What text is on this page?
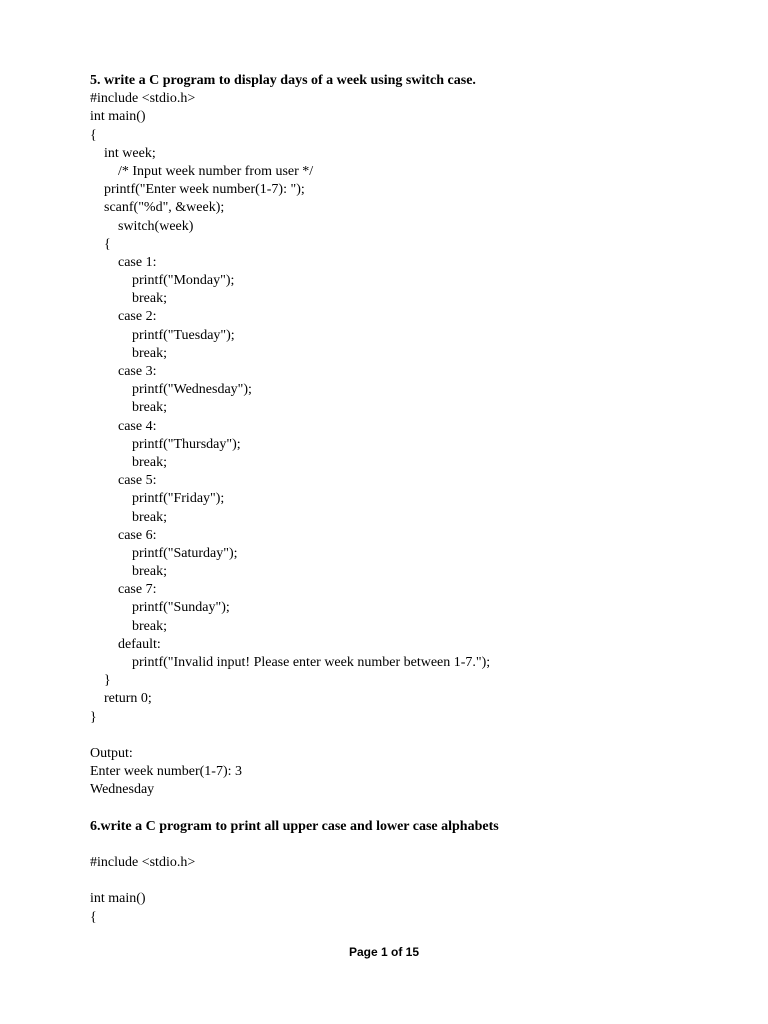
5. write a C program to display days of a week using switch case.
#include <stdio.h>
int main()
{
int week;
/* Input week number from user */
printf("Enter week number(1-7): ");
scanf("%d", &week);
switch(week)
{
case 1:
printf("Monday");
break;
case 2:
printf("Tuesday");
break;
case 3:
printf("Wednesday");
break;
case 4:
printf("Thursday");
break;
case 5:
printf("Friday");
break;
case 6:
printf("Saturday");
break;
case 7:
printf("Sunday");
break;
default:
printf("Invalid input! Please enter week number between 1-7.");
}
return 0;
}
Output:
Enter week number(1-7): 3
Wednesday
6.write a C program to print all upper case and lower case alphabets
#include <stdio.h>
int main()
{
Page 1 of 15
